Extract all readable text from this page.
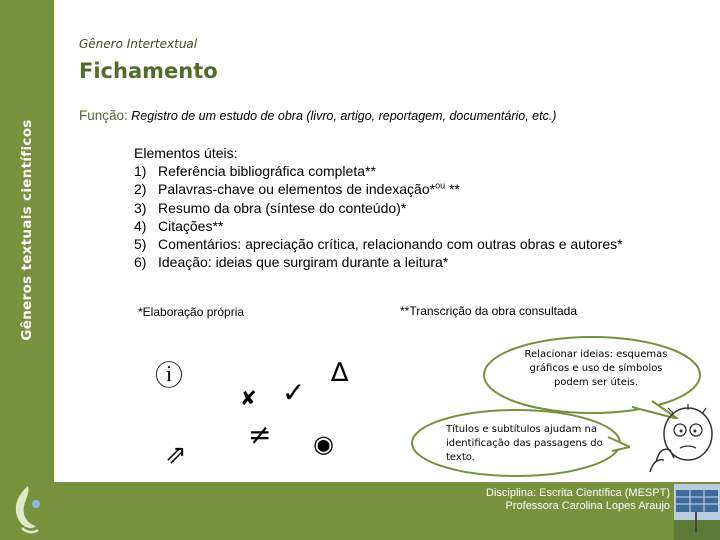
Gêneros textuais científicos
Disciplina: Escrita Científica (MESPT)
Professora Carolina Lopes Araujo
Gênero Intertextual
Fichamento
Função: Registro de um estudo de obra (livro, artigo, reportagem, documentário, etc.)
Elementos úteis:
1) Referência bibliográfica completa**
2) Palavras-chave ou elementos de indexação*$^{ou}$ **
3) Resumo da obra (síntese do conteúdo)*
4) Citações**
5) Comentários: apreciação crítica, relacionando com outras obras e autores*
6) Ideação: ideias que surgiram durante a leitura*
*Elaboração própria	**Transcrição da obra consultada
ⓘ
✘ ✓
∆
⇗
≠ ◉
Relacionar ideias: esquemas gráficos e uso de símbolos podem ser úteis.
Títulos e subtítulos ajudam na identificação das passagens do texto.
